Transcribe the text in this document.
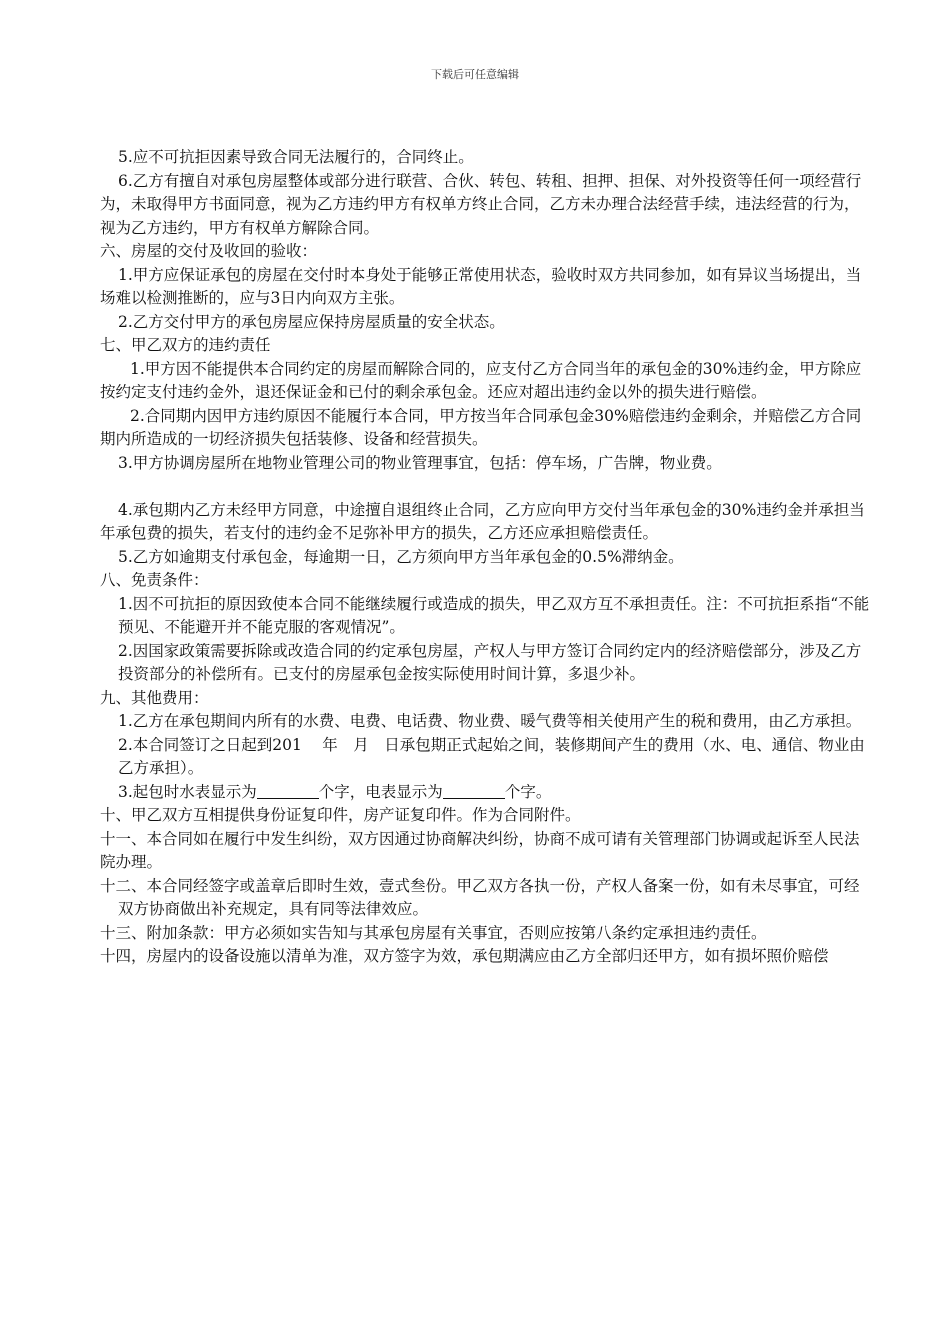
下载后可任意编辑

5.应不可抗拒因素导致合同无法履行的，合同终止。

6.乙方有擅自对承包房屋整体或部分进行联营、合伙、转包、转租、担押、担保、对外投资等任何一项经营行为，未取得甲方书面同意，视为乙方违约甲方有权单方终止合同，乙方未办理合法经营手续，违法经营的行为，视为乙方违约，甲方有权单方解除合同。

六、房屋的交付及收回的验收：

1.甲方应保证承包的房屋在交付时本身处于能够正常使用状态，验收时双方共同参加，如有异议当场提出，当场难以检测推断的，应与3日内向双方主张。

2.乙方交付甲方的承包房屋应保持房屋质量的安全状态。

七、甲乙双方的违约责任

1.甲方因不能提供本合同约定的房屋而解除合同的，应支付乙方合同当年的承包金的30%违约金，甲方除应按约定支付违约金外，退还保证金和已付的剩余承包金。还应对超出违约金以外的损失进行赔偿。

2.合同期内因甲方违约原因不能履行本合同，甲方按当年合同承包金30%赔偿违约金剩余，并赔偿乙方合同期内所造成的一切经济损失包括装修、设备和经营损失。

3.甲方协调房屋所在地物业管理公司的物业管理事宜，包括：停车场，广告牌，物业费。

4.承包期内乙方未经甲方同意，中途擅自退组终止合同，乙方应向甲方交付当年承包金的30%违约金并承担当年承包费的损失，若支付的违约金不足弥补甲方的损失，乙方还应承担赔偿责任。

5.乙方如逾期支付承包金，每逾期一日，乙方须向甲方当年承包金的0.5%滞纳金。

八、免责条件：

1.因不可抗拒的原因致使本合同不能继续履行或造成的损失，甲乙双方互不承担责任。注：不可抗拒系指“不能预见、不能避开并不能克服的客观情况”。

2.因国家政策需要拆除或改造合同的约定承包房屋，产权人与甲方签订合同约定内的经济赔偿部分，涉及乙方投资部分的补偿所有。已支付的房屋承包金按实际使用时间计算，多退少补。

九、其他费用：

1.乙方在承包期间内所有的水费、电费、电话费、物业费、暖气费等相关使用产生的税和费用，由乙方承担。

2.本合同签订之日起到201　 年　月　日承包期正式起始之间，装修期间产生的费用（水、电、通信、物业由乙方承担）。

3.起包时水表显示为	个字，电表显示为	个字。

十、甲乙双方互相提供身份证复印件，房产证复印件。作为合同附件。

十一、本合同如在履行中发生纠纷，双方因通过协商解决纠纷，协商不成可请有关管理部门协调或起诉至人民法院办理。

十二、本合同经签字或盖章后即时生效，壹式叁份。甲乙双方各执一份，产权人备案一份，如有未尽事宜，可经双方协商做出补充规定，具有同等法律效应。

十三、附加条款：甲方必须如实告知与其承包房屋有关事宜，否则应按第八条约定承担违约责任。

十四，房屋内的设备设施以清单为准，双方签字为效，承包期满应由乙方全部归还甲方，如有损坏照价赔偿
